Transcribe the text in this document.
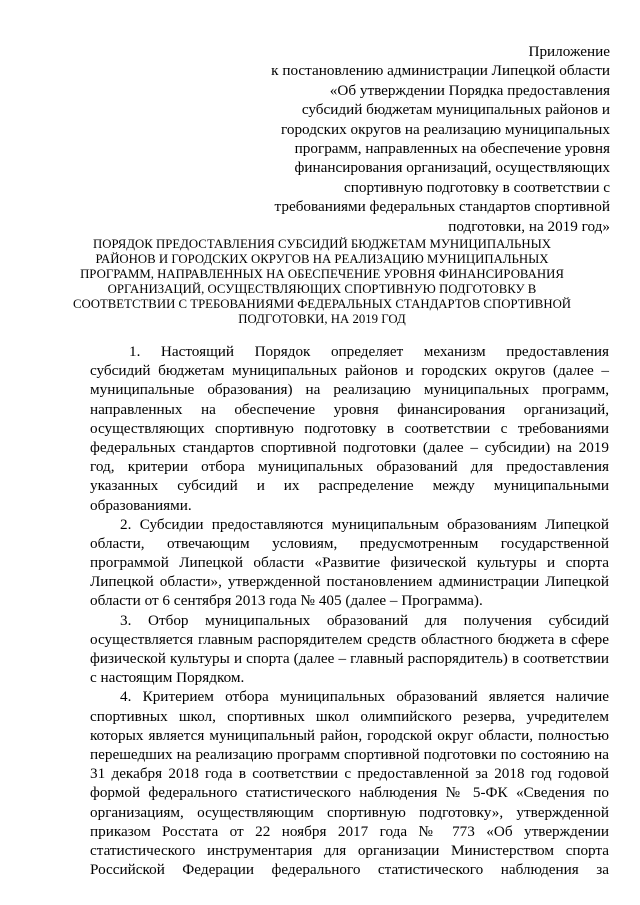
Приложение
к постановлению администрации Липецкой области
«Об утверждении Порядка предоставления
субсидий бюджетам муниципальных районов и
городских округов на реализацию муниципальных
программ, направленных на обеспечение уровня
финансирования организаций, осуществляющих
спортивную подготовку в соответствии с
требованиями федеральных стандартов спортивной
подготовки, на 2019 год»
ПОРЯДОК ПРЕДОСТАВЛЕНИЯ СУБСИДИЙ БЮДЖЕТАМ МУНИЦИПАЛЬНЫХ
РАЙОНОВ И ГОРОДСКИХ ОКРУГОВ НА РЕАЛИЗАЦИЮ МУНИЦИПАЛЬНЫХ
ПРОГРАММ, НАПРАВЛЕННЫХ НА ОБЕСПЕЧЕНИЕ УРОВНЯ ФИНАНСИРОВАНИЯ
ОРГАНИЗАЦИЙ, ОСУЩЕСТВЛЯЮЩИХ СПОРТИВНУЮ ПОДГОТОВКУ В
СООТВЕТСТВИИ С ТРЕБОВАНИЯМИ ФЕДЕРАЛЬНЫХ СТАНДАРТОВ СПОРТИВНОЙ
ПОДГОТОВКИ, НА 2019 ГОД
1. Настоящий Порядок определяет механизм предоставления
субсидий бюджетам муниципальных районов и городских округов (далее –
муниципальные образования) на реализацию муниципальных программ,
направленных на обеспечение уровня финансирования организаций,
осуществляющих спортивную подготовку в соответствии с требованиями
федеральных стандартов спортивной подготовки (далее – субсидии) на 2019
год, критерии отбора муниципальных образований для предоставления
указанных субсидий и их распределение между муниципальными
образованиями.
2. Субсидии предоставляются муниципальным образованиям Липецкой
области, отвечающим условиям, предусмотренным государственной
программой Липецкой области «Развитие физической культуры и спорта
Липецкой области», утвержденной постановлением администрации Липецкой
области от 6 сентября 2013 года № 405 (далее – Программа).
3. Отбор муниципальных образований для получения субсидий
осуществляется главным распорядителем средств областного бюджета в сфере
физической культуры и спорта (далее – главный распорядитель) в соответствии
с настоящим Порядком.
4. Критерием отбора муниципальных образований является наличие
спортивных школ, спортивных школ олимпийского резерва, учредителем
которых является муниципальный район, городской округ области, полностью
перешедших на реализацию программ спортивной подготовки по состоянию на
31 декабря 2018 года в соответствии с предоставленной за 2018 год годовой
формой федерального статистического наблюдения № 5-ФК «Сведения по
организациям, осуществляющим спортивную подготовку», утвержденной
приказом Росстата от 22 ноября 2017 года № 773 «Об утверждении
статистического инструментария для организации Министерством спорта
Российской Федерации федерального статистического наблюдения за
